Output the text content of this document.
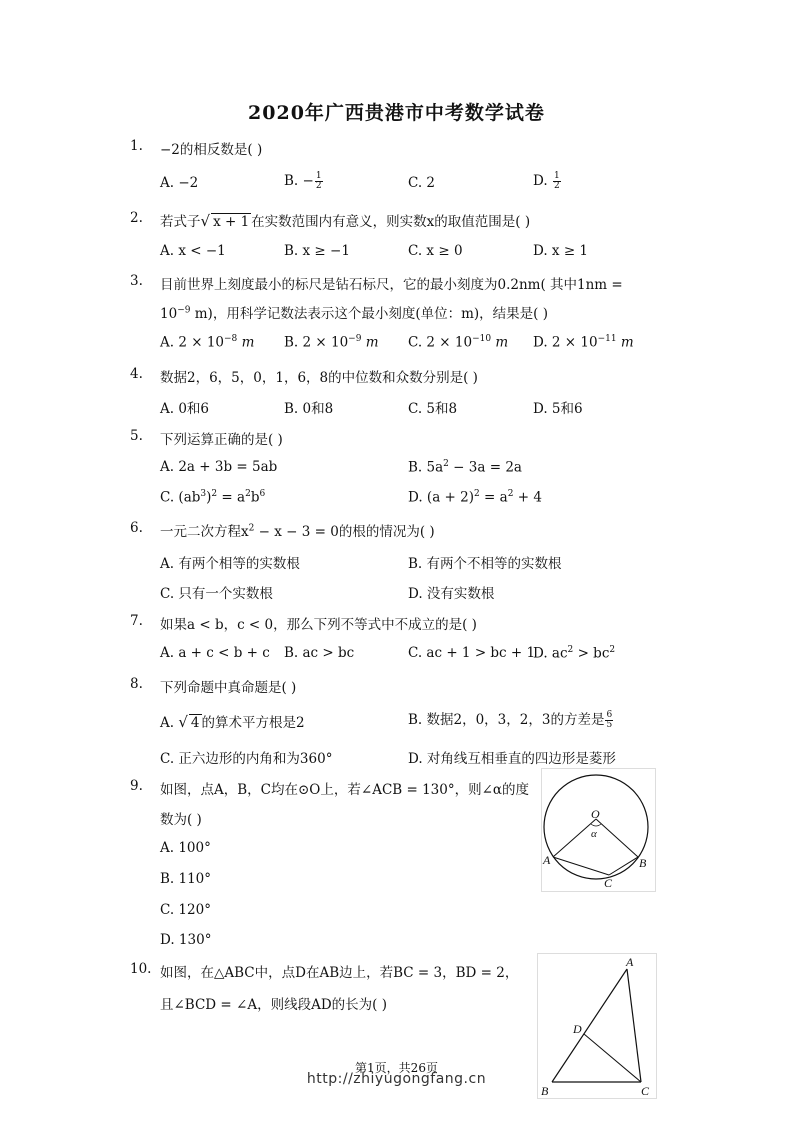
2020年广西贵港市中考数学试卷
1. −2的相反数是( )
A. −2	B. − $\frac{1}{2}$	C. 2	D. $\frac{1}{2}$
2. 若式子√ x + 1 在实数范围内有意义，则实数x的取值范围是( )
A. x < −1	B. x ≥ −1	C. x ≥ 0	D. x ≥ 1
3. 目前世界上刻度最小的标尺是钻石标尺，它的最小刻度为0.2nm( 其中1nm =
$10^{-9}$ m)，用科学记数法表示这个最小刻度(单位：m)，结果是( )
A. $2 \times 10^{-8}$ m B. $2 \times 10^{-9}$ m C. $2 \times 10^{-10}$ m D. $2 \times 10^{-11}$ m
4. 数据2，6，5，0，1，6，8的中位数和众数分别是( )
A. 0和6	B. 0和8	C. 5和8	D. 5和6
5. 下列运算正确的是( )
A. 2a + 3b = 5ab	B. $5a^2 - 3a = 2a$
C. $(ab^3)^2 = a^2b^6$	D. $(a + 2)^2 = a^2 + 4$
6. 一元二次方程$x^2 - x - 3 = 0$的根的情况为( )
A. 有两个相等的实数根	B. 有两个不相等的实数根
C. 只有一个实数根	D. 没有实数根
7. 如果a < b，c < 0，那么下列不等式中不成立的是( )
A. a + c < b + c B. ac > bc	C. ac + 1 > bc + 1
D. $ac^2 > bc^2$
8. 下列命题中真命题是( )
A. √ 4 的算术平方根是2	B. 数据2，0，3，2，3的方差是 $\frac{6}{5}$
C. 正六边形的内角和为360°	D. 对角线互相垂直的四边形是菱形
9. 如图，点A，B，C均在⊙O上，若∠ACB = 130°，则∠α的度
数为( )
A. 100°
B. 110°
C. 120°
D. 130°
O
α
A	B
C
10. 如图，在△ABC中，点D在AB边上，若BC = 3，BD = 2，
且∠BCD = ∠A，则线段AD的长为( )
A
D
B	C
第1页，共26页
http://zhiyugongfang.cn
